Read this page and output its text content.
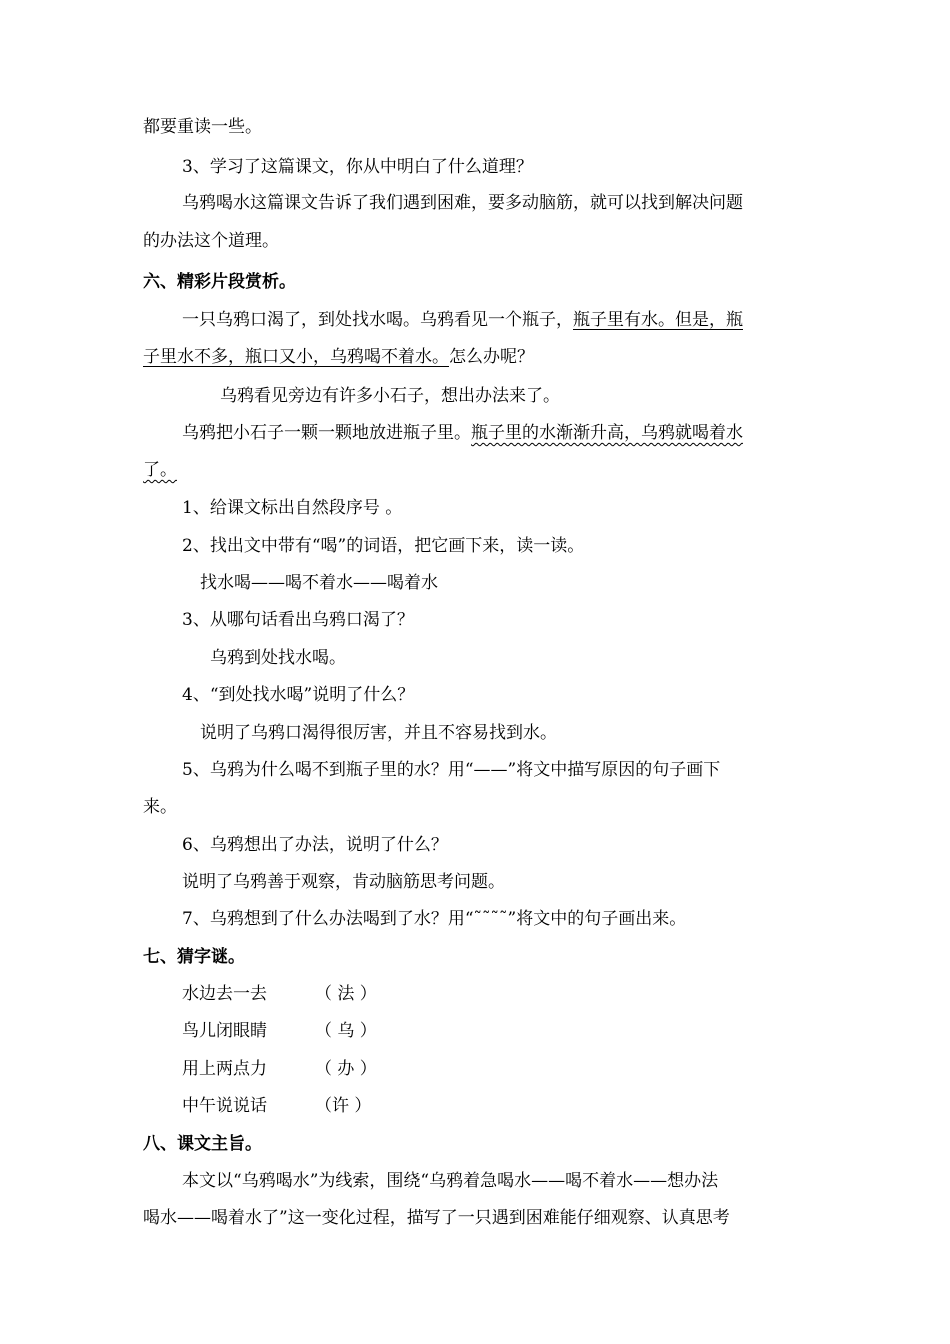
都要重读一些。
3、学习了这篇课文，你从中明白了什么道理？
乌鸦喝水这篇课文告诉了我们遇到困难，要多动脑筋，就可以找到解决问题
的办法这个道理。
六、精彩片段赏析。
一只乌鸦口渴了，到处找水喝。乌鸦看见一个瓶子，瓶子里有水。但是，瓶
子里水不多，瓶口又小，乌鸦喝不着水。怎么办呢？
乌鸦看见旁边有许多小石子，想出办法来了。
乌鸦把小石子一颗一颗地放进瓶子里。瓶子里的水渐渐升高，乌鸦就喝着水
了。
1、给课文标出自然段序号 。
2、找出文中带有“喝”的词语，把它画下来，读一读。
找水喝——喝不着水——喝着水
3、从哪句话看出乌鸦口渴了？
乌鸦到处找水喝。
4、“到处找水喝”说明了什么？
说明了乌鸦口渴得很厉害，并且不容易找到水。
5、乌鸦为什么喝不到瓶子里的水？用“——”将文中描写原因的句子画下
来。
6、乌鸦想出了办法，说明了什么？
说明了乌鸦善于观察，肯动脑筋思考问题。
7、乌鸦想到了什么办法喝到了水？用“˜˜˜˜”将文中的句子画出来。
七、猜字谜。
水边去一去	（ 法 ）
鸟儿闭眼睛	（ 乌 ）
用上两点力	（ 办 ）
中午说说话	（许 ）
八、课文主旨。
本文以“乌鸦喝水”为线索，围绕“乌鸦着急喝水——喝不着水——想办法
喝水——喝着水了”这一变化过程，描写了一只遇到困难能仔细观察、认真思考
